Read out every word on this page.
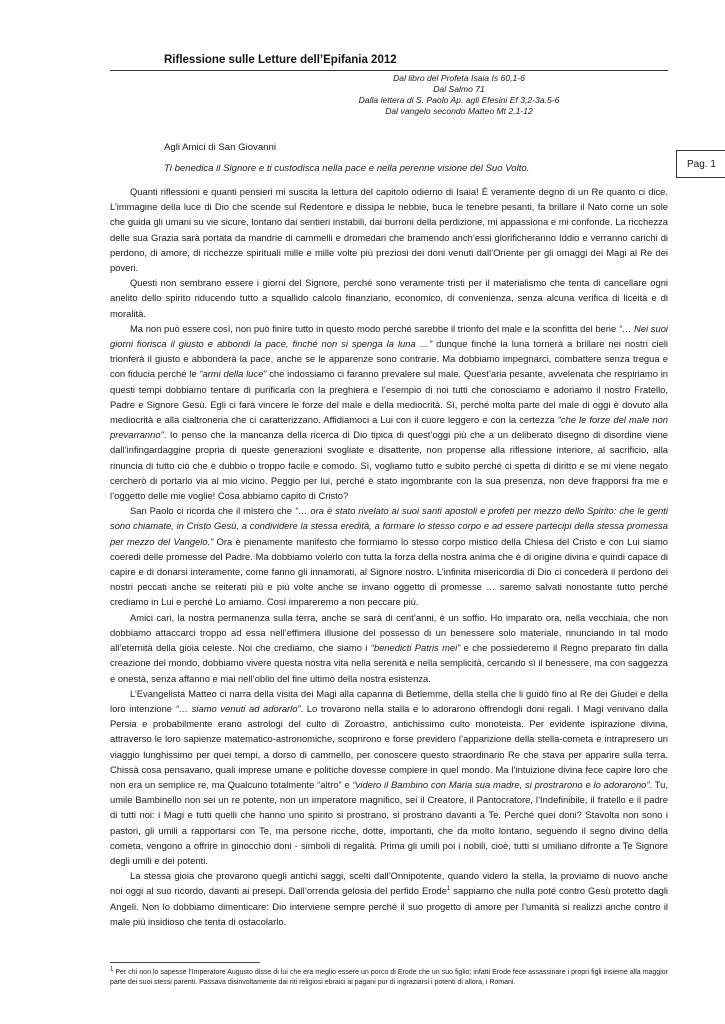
Riflessione sulle Letture dell’Epifania 2012
Dal libro del Profeta Isaia Is 60,1-6
Dal Salmo 71
Dalla lettera di S. Paolo Ap. agli Efesini Ef 3,2-3a.5-6
Dal vangelo secondo Matteo Mt 2,1-12
Agli Amici di San Giovanni
Ti benedica il Signore e ti custodisca nella pace e nella perenne visione del Suo Volto.	Pag. 1

Quanti riflessioni e quanti pensieri mi suscita la lettura del capitolo odierno di Isaia! È veramente degno di un Re quanto ci dice. L’immagine della luce di Dio che scende sul Redentore e dissipa le nebbie, buca le tenebre pesanti, fa brillare il Nato come un sole che guida gli umani su vie sicure, lontano dai sentieri instabili, dai burroni della perdizione, mi appassiona e mi confonde. La ricchezza delle sua Grazia sarà portata da mandrie di cammelli e dromedari che bramendo anch’essi glorificheranno Iddio e verranno carichi di perdono, di amore, di ricchezze spirituali mille e mille volte più preziosi dei doni venuti dall’Oriente per gli omaggi dei Magi al Re dei poveri.

Questi non sembrano essere i giorni del Signore, perché sono veramente tristi per il materialismo che tenta di cancellare ogni anelito dello spirito riducendo tutto a squallido calcolo finanziario, economico, di convenienza, senza alcuna verifica di liceità e di moralità.

Ma non può essere così, non può finire tutto in questo modo perché sarebbe il trionfo del male e la sconfitta del bene “… Nei suoi giorni fiorisca il giusto e abbondi la pace, finché non si spenga la luna …” dunque finché la luna tornerà a brillare nei nostri cieli trionferà il giusto e abbonderà la pace, anche se le apparenze sono contrarie. Ma dobbiamo impegnarci, combattere senza tregua e con fiducia perché le “armi della luce” che indossiamo ci faranno prevalere sul male. Quest’aria pesante, avvelenata che respiriamo in questi tempi dobbiamo tentare di purificarla con la preghiera e l’esempio di noi tutti che conosciamo e adoriamo il nostro Fratello, Padre e Signore Gesù. Egli ci farà vincere le forze del male e della mediocrità. Sì, perché molta parte del male di oggi è dovuto alla mediocrità e alla cialtroneria che ci caratterizzano. Affidiamoci a Lui con il cuore leggero e con la certezza “che le forze del male non prevarranno”. Io penso che la mancanza della ricerca di Dio tipica di quest’oggi più che a un deliberato disegno di disordine viene dall’infingardaggine propria di queste generazioni svogliate e disattente, non propense alla riflessione interiore, al sacrificio, alla rinuncia di tutto ciò che è dubbio o troppo facile e comodo. Sì, vogliamo tutto e subito perché ci spetta di diritto e se mi viene negato cercherò di portarlo via al mio vicino. Peggio per lui, perché è stato ingombrante con la sua presenza, non deve frapporsi fra me e l’oggetto delle mie voglie! Cosa abbiamo capito di Cristo?

San Paolo ci ricorda che il mistero che “… ora è stato rivelato ai suoi santi apostoli e profeti per mezzo dello Spirito: che le genti sono chiamate, in Cristo Gesù, a condividere la stessa eredità, a formare lo stesso corpo e ad essere partecipi della stessa promessa per mezzo del Vangelo.” Ora è pienamente manifesto che formiamo lo stesso corpo mistico della Chiesa del Cristo e con Lui siamo coeredi delle promesse del Padre. Ma dobbiamo volerlo con tutta la forza della nostra anima che è di origine divina e quindi capace di capire e di donarsi interamente, come fanno gli innamorati, al Signore nostro. L’infinita misericordia di Dio ci concederà il perdono dei nostri peccati anche se reiterati più e più volte anche se invano oggetto di promesse … saremo salvati nonostante tutto perché crediamo in Lui e perché Lo amiamo. Così impareremo a non peccare più.

Amici cari, la nostra permanenza sulla terra, anche se sarà di cent’anni, è un soffio. Ho imparato ora, nella vecchiaia, che non dobbiamo attaccarci troppo ad essa nell’effimera illusione del possesso di un benessere solo materiale, rinunciando in tal modo all’eternità della gioia celeste. Noi che crediamo, che siamo i “benedicti Patris mei” e che possiederemo il Regno preparato fin dalla creazione del mondo, dobbiamo vivere questa nostra vita nella serenità e nella semplicità, cercando sì il benessere, ma con saggezza e onestà, senza affanno e mai nell’oblio del fine ultimo della nostra esistenza.

L’Evangelista Matteo ci narra della visita dei Magi alla capanna di Betlemme, della stella che li guidò fino al Re dei Giudei e della loro intenzione “… siamo venuti ad adorarlo”. Lo trovarono nella stalla e lo adorarono offrendogli doni regali. I Magi venivano dalla Persia e probabilmente erano astrologi del culto di Zoroastro, antichissimo culto monoteista. Per evidente ispirazione divina, attraverso le loro sapienze matematico-astronomiche, scoprirono e forse previdero l’apparizione della stella-cometa e intrapresero un viaggio lunghissimo per quei tempi, a dorso di cammello, per conoscere questo straordinario Re che stava per apparire sulla terra. Chissà cosa pensavano, quali imprese umane e politiche dovesse compiere in quel mondo. Ma l’intuizione divina fece capire loro che non era un semplice re, ma Qualcuno totalmente “altro” e “videro il Bambino con Maria sua madre, si prostrarono e lo adorarono”. Tu, umile Bambinello non sei un re potente, non un imperatore magnifico, sei il Creatore, il Pantocratore, l’Indefinibile, il fratello e il padre di tutti noi: i Magi e tutti quelli che hanno uno spirito si prostrano, si prostrano davanti a Te. Perché quei doni? Stavolta non sono i pastori, gli umili a rapportarsi con Te, ma persone ricche, dotte, importanti, che da molto lontano, seguendo il segno divino della cometa, vengono a offrire in ginocchio doni - simboli di regalità. Prima gli umili poi i nobili, cioè, tutti si umiliano difronte a Te Signore degli umili e dei potenti.

La stessa gioia che provarono quegli antichi saggi, scelti dall’Onnipotente, quando videro la stella, la proviamo di nuovo anche noi oggi al suo ricordo, davanti ai presepi. Dall’orrenda gelosia del perfido Erode$^1$ sappiamo che nulla poté contro Gesù protetto dagli Angeli. Non lo dobbiamo dimenticare: Dio interviene sempre perché il suo progetto di amore per l’umanità si realizzi anche contro il male più insidioso che tenta di ostacolarlo.

$^1$ Per chi non lo sapesse l’Imperatore Augusto disse di lui che era meglio essere un porco di Erode che un suo figlio; infatti Erode fece assassinare i propri figli insieme alla maggior parte dei suoi stessi parenti. Passava disinvoltamente dai riti religiosi ebraici ai pagani pur di ingraziarsi i potenti di allora, i Romani.
